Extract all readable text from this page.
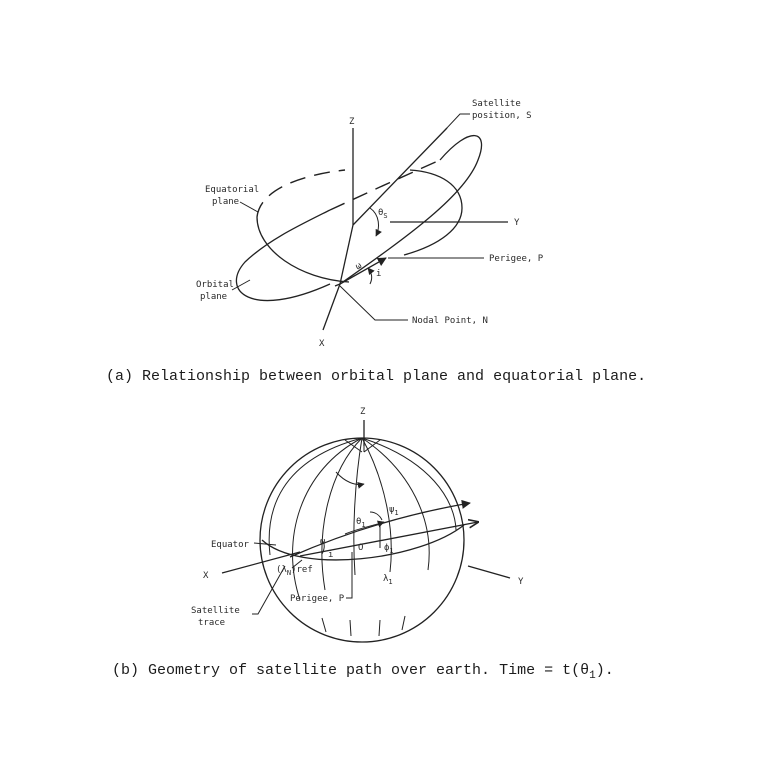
Z
X
Y
Satellite
position, S
Equatorial
plane
Orbital
plane
Perigee, P
Nodal Point, N
$\theta_S$
ω
i
(a) Relationship between orbital plane and equatorial plane.
Z
X
Y
Equator
Satellite
trace
Perigee, P
$(\lambda_N)ref$
$\lambda_1$
$\theta_1$
$\psi_1$
$\phi_1$
ω
i
O
(b) Geometry of satellite path over earth. Time = $t(\theta_1)$.
